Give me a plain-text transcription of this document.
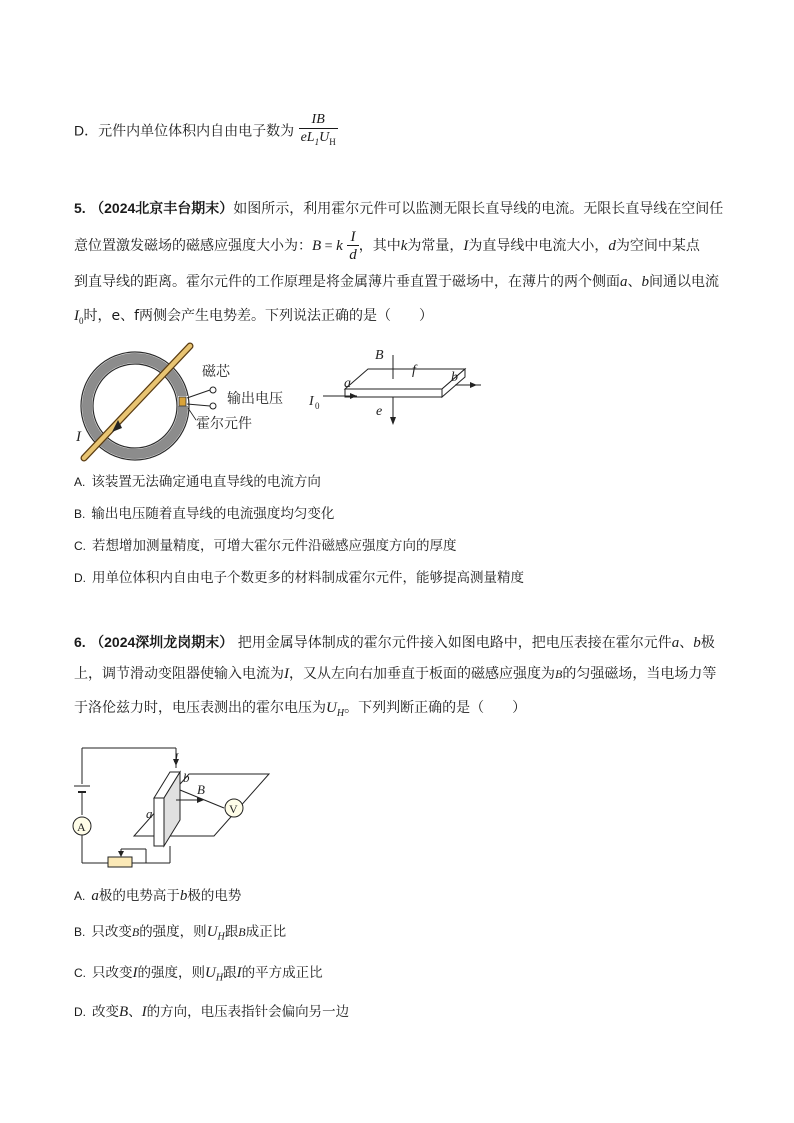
D．元件内单位体积内自由电子数为 $\frac{IB}{eL_1U_H}$
5. （2024北京丰台期末）如图所示，利用霍尔元件可以监测无限长直导线的电流。无限长直导线在空间任
意位置激发磁场的磁感应强度大小为：B = k $\frac{I}{d}$ ，其中k为常量，I为直导线中电流大小，d为空间中某点
到直导线的距离。霍尔元件的工作原理是将金属薄片垂直置于磁场中，在薄片的两个侧面a、b间通以电流
$I_0$时，e、f两侧会产生电势差。下列说法正确的是（　　）
磁芯
输出电压
霍尔元件
I
B
f
a	b
e
I 0
A. 该装置无法确定通电直导线的电流方向
B. 输出电压随着直导线的电流强度均匀变化
C. 若想增加测量精度，可增大霍尔元件沿磁感应强度方向的厚度
D. 用单位体积内自由电子个数更多的材料制成霍尔元件，能够提高测量精度
6. （2024深圳龙岗期末） 把用金属导体制成的霍尔元件接入如图电路中，把电压表接在霍尔元件a、b极
上，调节滑动变阻器使输入电流为I，又从左向右加垂直于板面的磁感应强度为B的匀强磁场，当电场力等
于洛伦兹力时，电压表测出的霍尔电压为$U_H$。下列判断正确的是（　　）
A
V
I
b
B
a
A. a极的电势高于b极的电势
B. 只改变B的强度，则$U_H$跟B成正比
C. 只改变I的强度，则$U_H$跟I的平方成正比
D. 改变B、I的方向，电压表指针会偏向另一边
